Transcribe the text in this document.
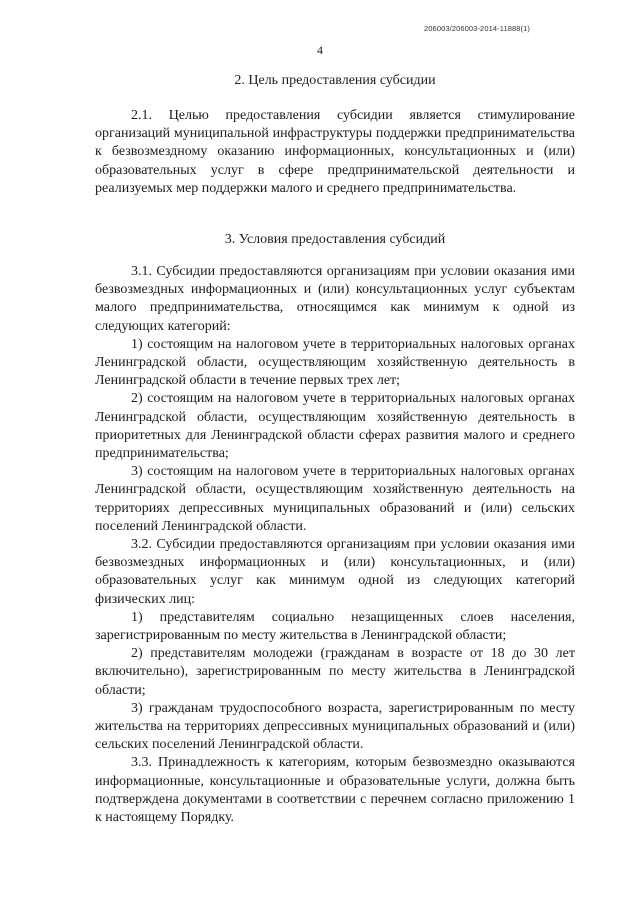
206003/206003-2014-11888(1)
4
2. Цель предоставления субсидии

2.1. Целью предоставления субсидии является стимулирование организаций муниципальной инфраструктуры поддержки предпринимательства к безвозмездному оказанию информационных, консультационных и (или) образовательных услуг в сфере предпринимательской деятельности и реализуемых мер поддержки малого и среднего предпринимательства.

3. Условия предоставления субсидий

3.1. Субсидии предоставляются организациям при условии оказания ими безвозмездных информационных и (или) консультационных услуг субъектам малого предпринимательства, относящимся как минимум к одной из следующих категорий:

1) состоящим на налоговом учете в территориальных налоговых органах Ленинградской области, осуществляющим хозяйственную деятельность в Ленинградской области в течение первых трех лет;

2) состоящим на налоговом учете в территориальных налоговых органах Ленинградской области, осуществляющим хозяйственную деятельность в приоритетных для Ленинградской области сферах развития малого и среднего предпринимательства;

3) состоящим на налоговом учете в территориальных налоговых органах Ленинградской области, осуществляющим хозяйственную деятельность на территориях депрессивных муниципальных образований и (или) сельских поселений Ленинградской области.

3.2. Субсидии предоставляются организациям при условии оказания ими безвозмездных информационных и (или) консультационных, и (или) образовательных услуг как минимум одной из следующих категорий физических лиц:

1) представителям социально незащищенных слоев населения, зарегистрированным по месту жительства в Ленинградской области;

2) представителям молодежи (гражданам в возрасте от 18 до 30 лет включительно), зарегистрированным по месту жительства в Ленинградской области;

3) гражданам трудоспособного возраста, зарегистрированным по месту жительства на территориях депрессивных муниципальных образований и (или) сельских поселений Ленинградской области.

3.3. Принадлежность к категориям, которым безвозмездно оказываются информационные, консультационные и образовательные услуги, должна быть подтверждена документами в соответствии с перечнем согласно приложению 1 к настоящему Порядку.
